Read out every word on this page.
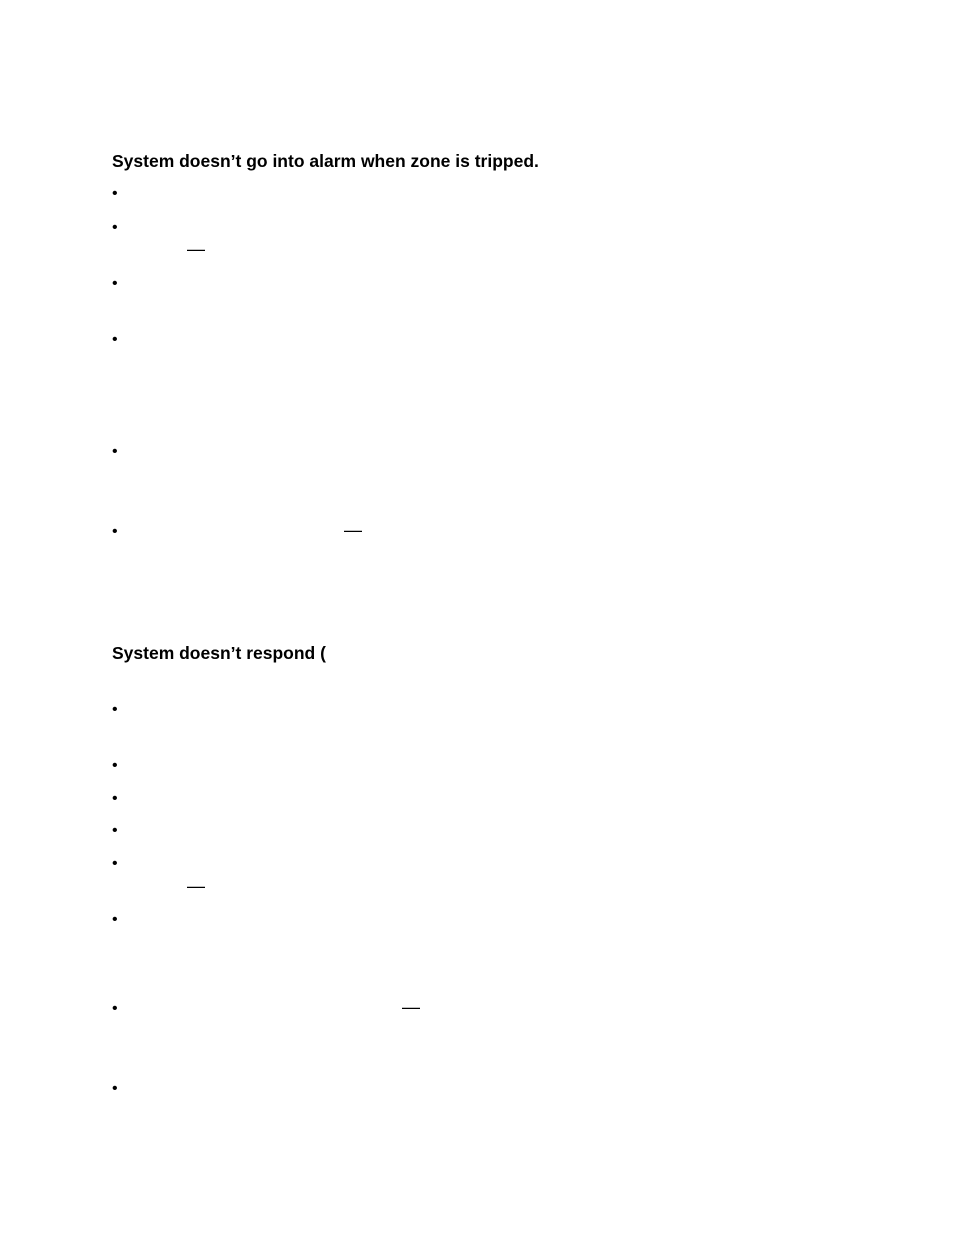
System doesn’t go into alarm when zone is tripped.
•
•
—
•
•
•
•	—
System doesn’t respond (
•
•
•
•
•
—
•
•	—
•
